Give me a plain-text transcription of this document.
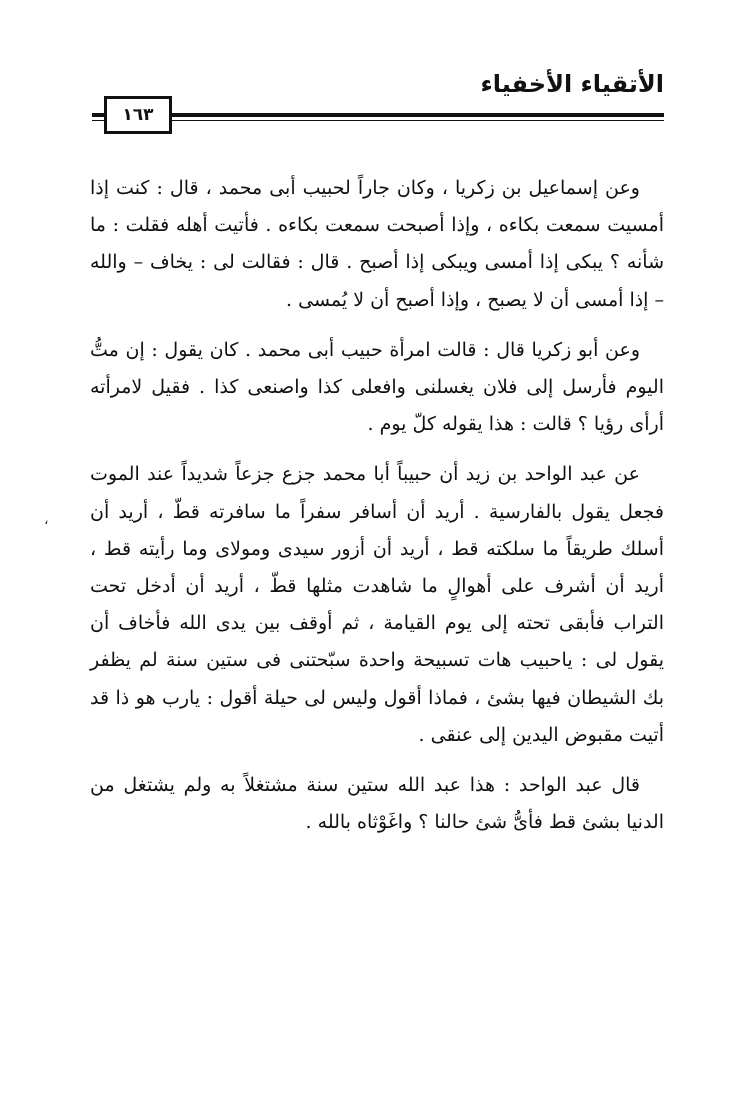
الأتقياء الأخفياء
١٦٣
،

وعن إسماعيل بن زكريا ، وكان جاراً لحبيب أبى محمد ، قال : كنت إذا أمسيت سمعت بكاءه ، وإذا أصبحت سمعت بكاءه . فأتيت أهله فقلت : ما شأنه ؟ يبكى إذا أمسى ويبكى إذا أصبح . قال : فقالت لى : يخاف – والله – إذا أمسى أن لا يصبح ، وإذا أصبح أن لا يُمسى .

وعن أبو زكريا قال : قالت امرأة حبيب أبى محمد . كان يقول : إن متُّ اليوم فأرسل إلى فلان يغسلنى وافعلى كذا واصنعى كذا . فقيل لامرأته أرأى رؤيا ؟ قالت : هذا يقوله كلّ يوم .

عن عبد الواحد بن زيد أن حبيباً أبا محمد جزع جزعاً شديداً عند الموت فجعل يقول بالفارسية . أريد أن أسافر سفراً ما سافرته قطّ ، أريد أن أسلك طريقاً ما سلكته قط ، أريد أن أزور سيدى ومولاى وما رأيته قط ، أريد أن أشرف على أهوالٍ ما شاهدت مثلها قطّ ، أريد أن أدخل تحت التراب فأبقى تحته إلى يوم القيامة ، ثم أوقف بين يدى الله فأخاف أن يقول لى : ياحبيب هات تسبيحة واحدة سبّحتنى فى ستين سنة لم يظفر بك الشيطان فيها بشئ ، فماذا أقول وليس لى حيلة أقول : يارب هو ذا قد أتيت مقبوض اليدين إلى عنقى .

قال عبد الواحد : هذا عبد الله ستين سنة مشتغلاً به ولم يشتغل من الدنيا بشئ قط فأىُّ شئ حالنا ؟ واغَوْثاه بالله .
